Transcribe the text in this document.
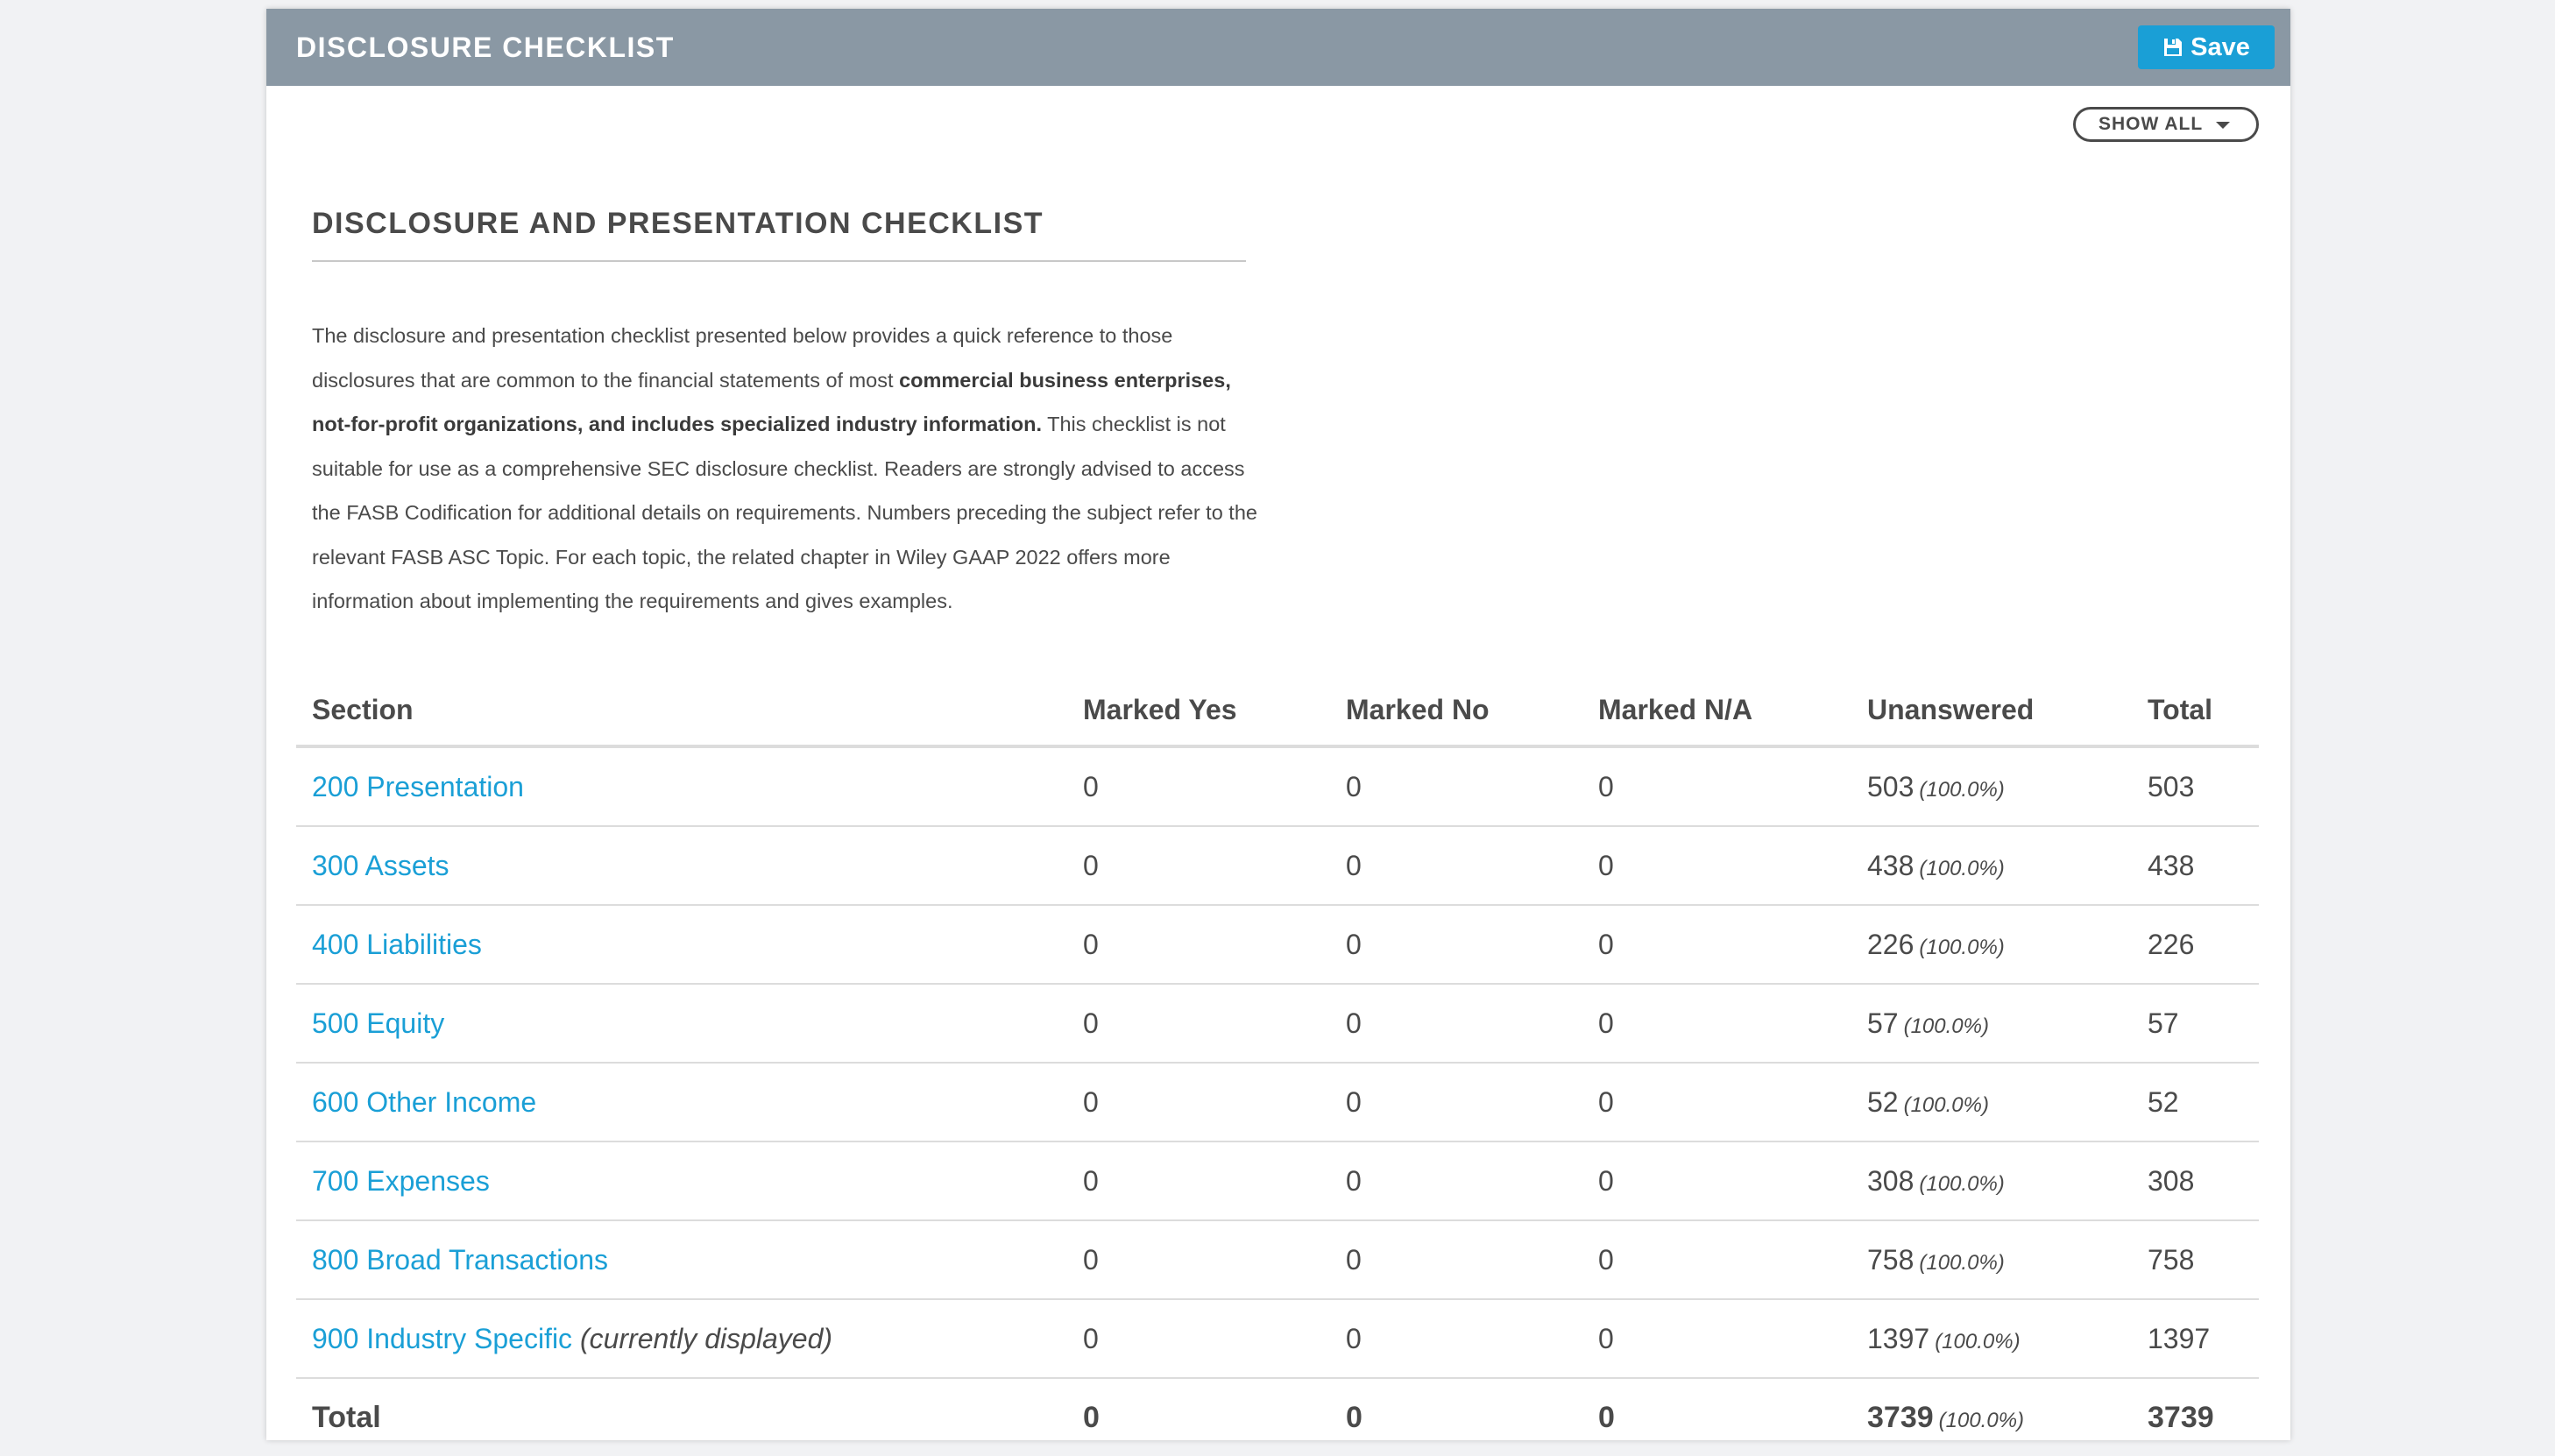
DISCLOSURE CHECKLIST	Save
SHOW ALL
DISCLOSURE AND PRESENTATION CHECKLIST

The disclosure and presentation checklist presented below provides a quick reference to those disclosures that are common to the financial statements of most commercial business enterprises, not-for-profit organizations, and includes specialized industry information. This checklist is not suitable for use as a comprehensive SEC disclosure checklist. Readers are strongly advised to access the FASB Codification for additional details on requirements. Numbers preceding the subject refer to the relevant FASB ASC Topic. For each topic, the related chapter in Wiley GAAP 2022 offers more information about implementing the requirements and gives examples.

Section	Marked Yes	Marked No	Marked N/A	Unanswered	Total
200 Presentation	0	0	0	503 (100.0%)	503
300 Assets	0	0	0	438 (100.0%)	438
400 Liabilities	0	0	0	226 (100.0%)	226
500 Equity	0	0	0	57 (100.0%)	57
600 Other Income	0	0	0	52 (100.0%)	52
700 Expenses	0	0	0	308 (100.0%)	308
800 Broad Transactions	0	0	0	758 (100.0%)	758
900 Industry Specific (currently displayed)	0	0	0	1397 (100.0%)	1397
Total	0	0	0	3739 (100.0%)	3739
